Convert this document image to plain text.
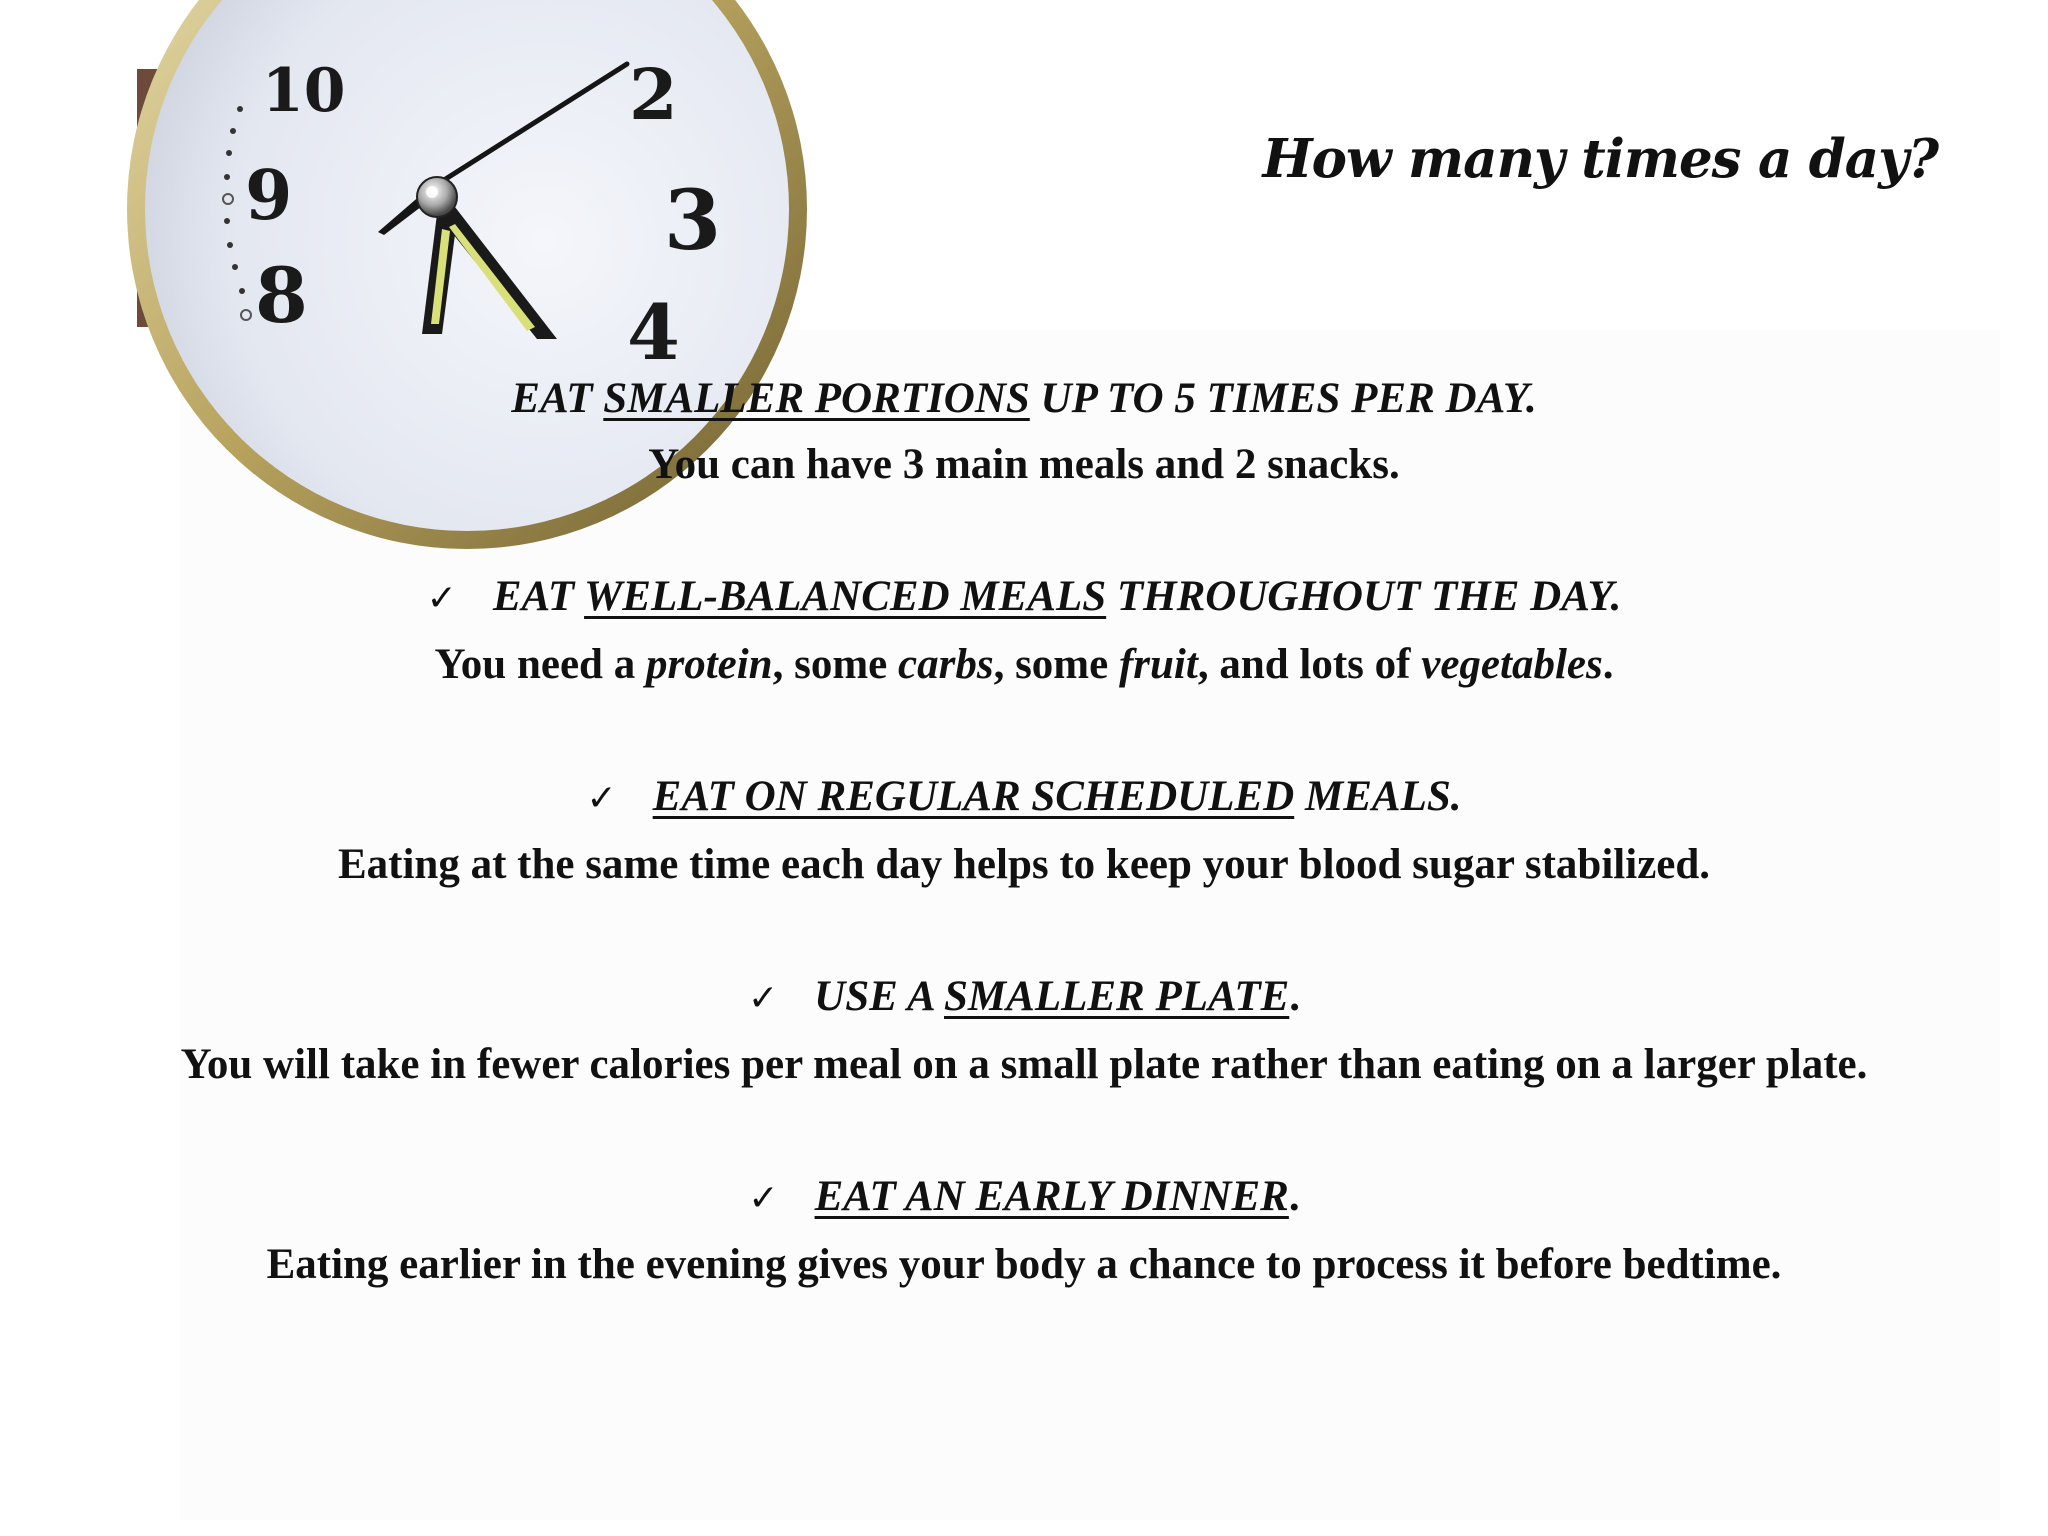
10	2
9	3
8	4
How many times a day?
EAT SMALLER PORTIONS UP TO 5 TIMES PER DAY.
You can have 3 main meals and 2 snacks.
✓ EAT WELL-BALANCED MEALS THROUGHOUT THE DAY.
You need a protein, some carbs, some fruit, and lots of vegetables.
✓ EAT ON REGULAR SCHEDULED MEALS.
Eating at the same time each day helps to keep your blood sugar stabilized.
✓ USE A SMALLER PLATE.
You will take in fewer calories per meal on a small plate rather than eating on a larger plate.
✓ EAT AN EARLY DINNER.
Eating earlier in the evening gives your body a chance to process it before bedtime.
